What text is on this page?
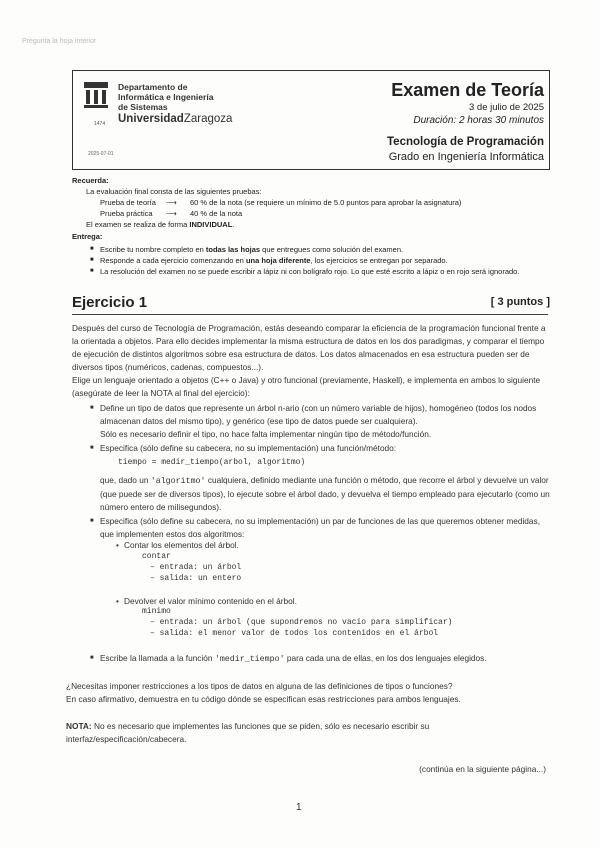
Pregunta la hoja interior
1474
Departamento de
Informática e Ingeniería
de Sistemas
UniversidadZaragoza
2025-07-01
Examen de Teoría
3 de julio de 2025
Duración: 2 horas 30 minutos
Tecnología de Programación
Grado en Ingeniería Informática
Recuerda:
La evaluación final consta de las siguientes pruebas:
Prueba de teoría	⟶	60 % de la nota (se requiere un mínimo de 5.0 puntos para aprobar la asignatura)
Prueba práctica	⟶	40 % de la nota
El examen se realiza de forma INDIVIDUAL.
Entrega:
Escribe tu nombre completo en todas las hojas que entregues como solución del examen.
Responde a cada ejercicio comenzando en una hoja diferente, los ejercicios se entregan por separado.
La resolución del examen no se puede escribir a lápiz ni con bolígrafo rojo. Lo que esté escrito a lápiz o en rojo será ignorado.
Ejercicio 1	[ 3 puntos ]
Después del curso de Tecnología de Programación, estás deseando comparar la eficiencia de la programación funcional frente a la orientada a objetos. Para ello decides implementar la misma estructura de datos en los dos paradigmas, y comparar el tiempo de ejecución de distintos algoritmos sobre esa estructura de datos. Los datos almacenados en esa estructura pueden ser de diversos tipos (numéricos, cadenas, compuestos...).
Elige un lenguaje orientado a objetos (C++ o Java) y otro funcional (previamente, Haskell), e implementa en ambos lo siguiente (asegúrate de leer la NOTA al final del ejercicio):
Define un tipo de datos que represente un árbol n-ario (con un número variable de hijos), homogéneo (todos los nodos almacenan datos del mismo tipo), y genérico (ese tipo de datos puede ser cualquiera).
Sólo es necesario definir el tipo, no hace falta implementar ningún tipo de método/función.
Especifica (sólo define su cabecera, no su implementación) una función/método:
tiempo = medir_tiempo(arbol, algoritmo)
que, dado un 'algoritmo' cualquiera, definido mediante una función o método, que recorre el árbol y devuelve un valor (que puede ser de diversos tipos), lo ejecute sobre el árbol dado, y devuelva el tiempo empleado para ejecutarlo (como un número entero de milisegundos).
Especifica (sólo define su cabecera, no su implementación) un par de funciones de las que queremos obtener medidas, que implementen estos dos algoritmos:
• Contar los elementos del árbol.
contar
– entrada: un árbol
– salida: un entero
• Devolver el valor mínimo contenido en el árbol.
minimo
– entrada: un árbol (que supondremos no vacío para simplificar)
– salida: el menor valor de todos los contenidos en el árbol
Escribe la llamada a la función 'medir_tiempo' para cada una de ellas, en los dos lenguajes elegidos.
¿Necesitas imponer restricciones a los tipos de datos en alguna de las definiciones de tipos o funciones?
En caso afirmativo, demuestra en tu código dónde se especifican esas restricciones para ambos lenguajes.
NOTA: No es necesario que implementes las funciones que se piden, sólo es necesario escribir su interfaz/especificación/cabecera.
(continúa en la siguiente página...)
1
